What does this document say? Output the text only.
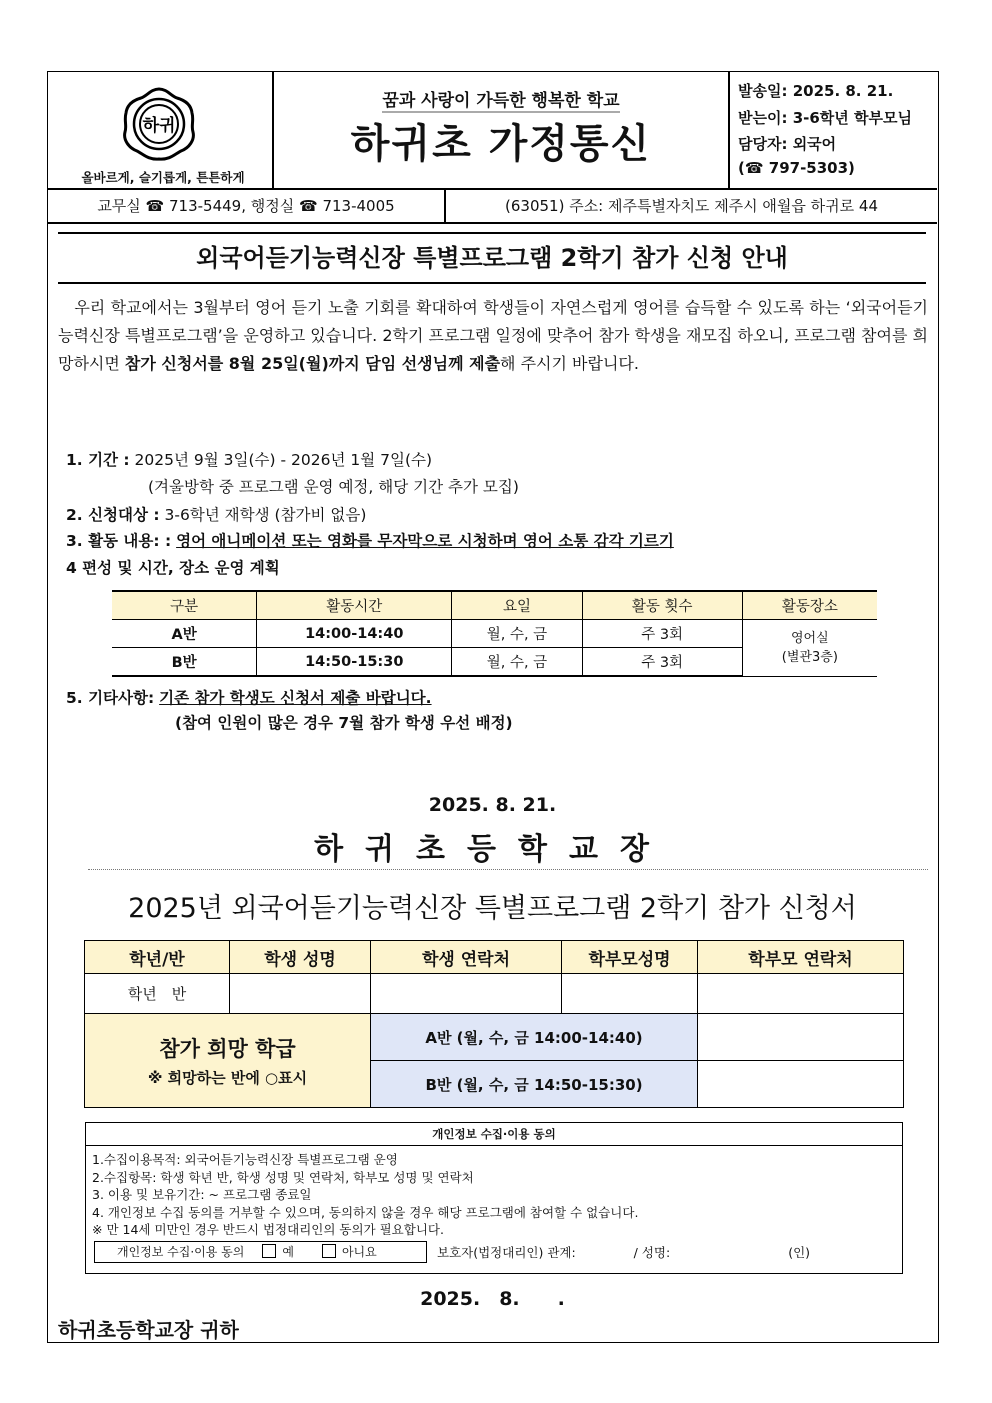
하귀
올바르게, 슬기롭게, 튼튼하게
꿈과 사랑이 가득한 행복한 학교
하귀초 가정통신
발송일: 2025. 8. 21.
받는이: 3-6학년 학부모님
담당자: 외국어
(☎ 797-5303)
교무실 ☎ 713-5449, 행정실 ☎ 713-4005	(63051) 주소: 제주특별자치도 제주시 애월읍 하귀로 44
외국어듣기능력신장 특별프로그램 2학기 참가 신청 안내
　우리 학교에서는 3월부터 영어 듣기 노출 기회를 확대하여 학생들이 자연스럽게 영어를 습득할 수 있도록 하는 ‘외국어듣기능력신장 특별프로그램’을 운영하고 있습니다. 2학기 프로그램 일정에 맞추어 참가 학생을 재모집 하오니, 프로그램 참여를 희망하시면 참가 신청서를 8월 25일(월)까지 담임 선생님께 제출해 주시기 바랍니다.
1. 기간 : 2025년 9월 3일(수) - 2026년 1월 7일(수)
(겨울방학 중 프로그램 운영 예정, 해당 기간 추가 모집)
2. 신청대상 : 3-6학년 재학생 (참가비 없음)
3. 활동 내용: : 영어 애니메이션 또는 영화를 무자막으로 시청하며 영어 소통 감각 기르기
4 편성 및 시간, 장소 운영 계획
구분	활동시간	요일	활동 횟수	활동장소
A반	14:00-14:40	월, 수, 금	주 3회	영어실
(별관3층)
B반	14:50-15:30	월, 수, 금	주 3회	
5. 기타사항: 기존 참가 학생도 신청서 제출 바랍니다.
(참여 인원이 많은 경우 7월 참가 학생 우선 배정)
2025. 8. 21.
하귀초등학교장
2025년 외국어듣기능력신장 특별프로그램 2학기 참가 신청서
학년/반	학생 성명	학생 연락처	학부모성명	학부모 연락처
학년　반				

참가 희망 학급
※ 희망하는 반에 ○표시		A반 (월, 수, 금 14:00-14:40)		
		B반 (월, 수, 금 14:50-15:30)		
개인정보 수집·이용 동의
1.수집이용목적: 외국어듣기능력신장 특별프로그램 운영
2.수집항목: 학생 학년 반, 학생 성명 및 연락처, 학부모 성명 및 연락처
3. 이용 및 보유기간: ~ 프로그램 종료일
4. 개인정보 수집 동의를 거부할 수 있으며, 동의하지 않을 경우 해당 프로그램에 참여할 수 없습니다.
※ 만 14세 미만인 경우 반드시 법정대리인의 동의가 필요합니다.
개인정보 수집·이용 동의	예	아니요	보호자(법정대리인) 관계:	/ 성명:	(인)
2025.　8.　　.
하귀초등학교장 귀하
